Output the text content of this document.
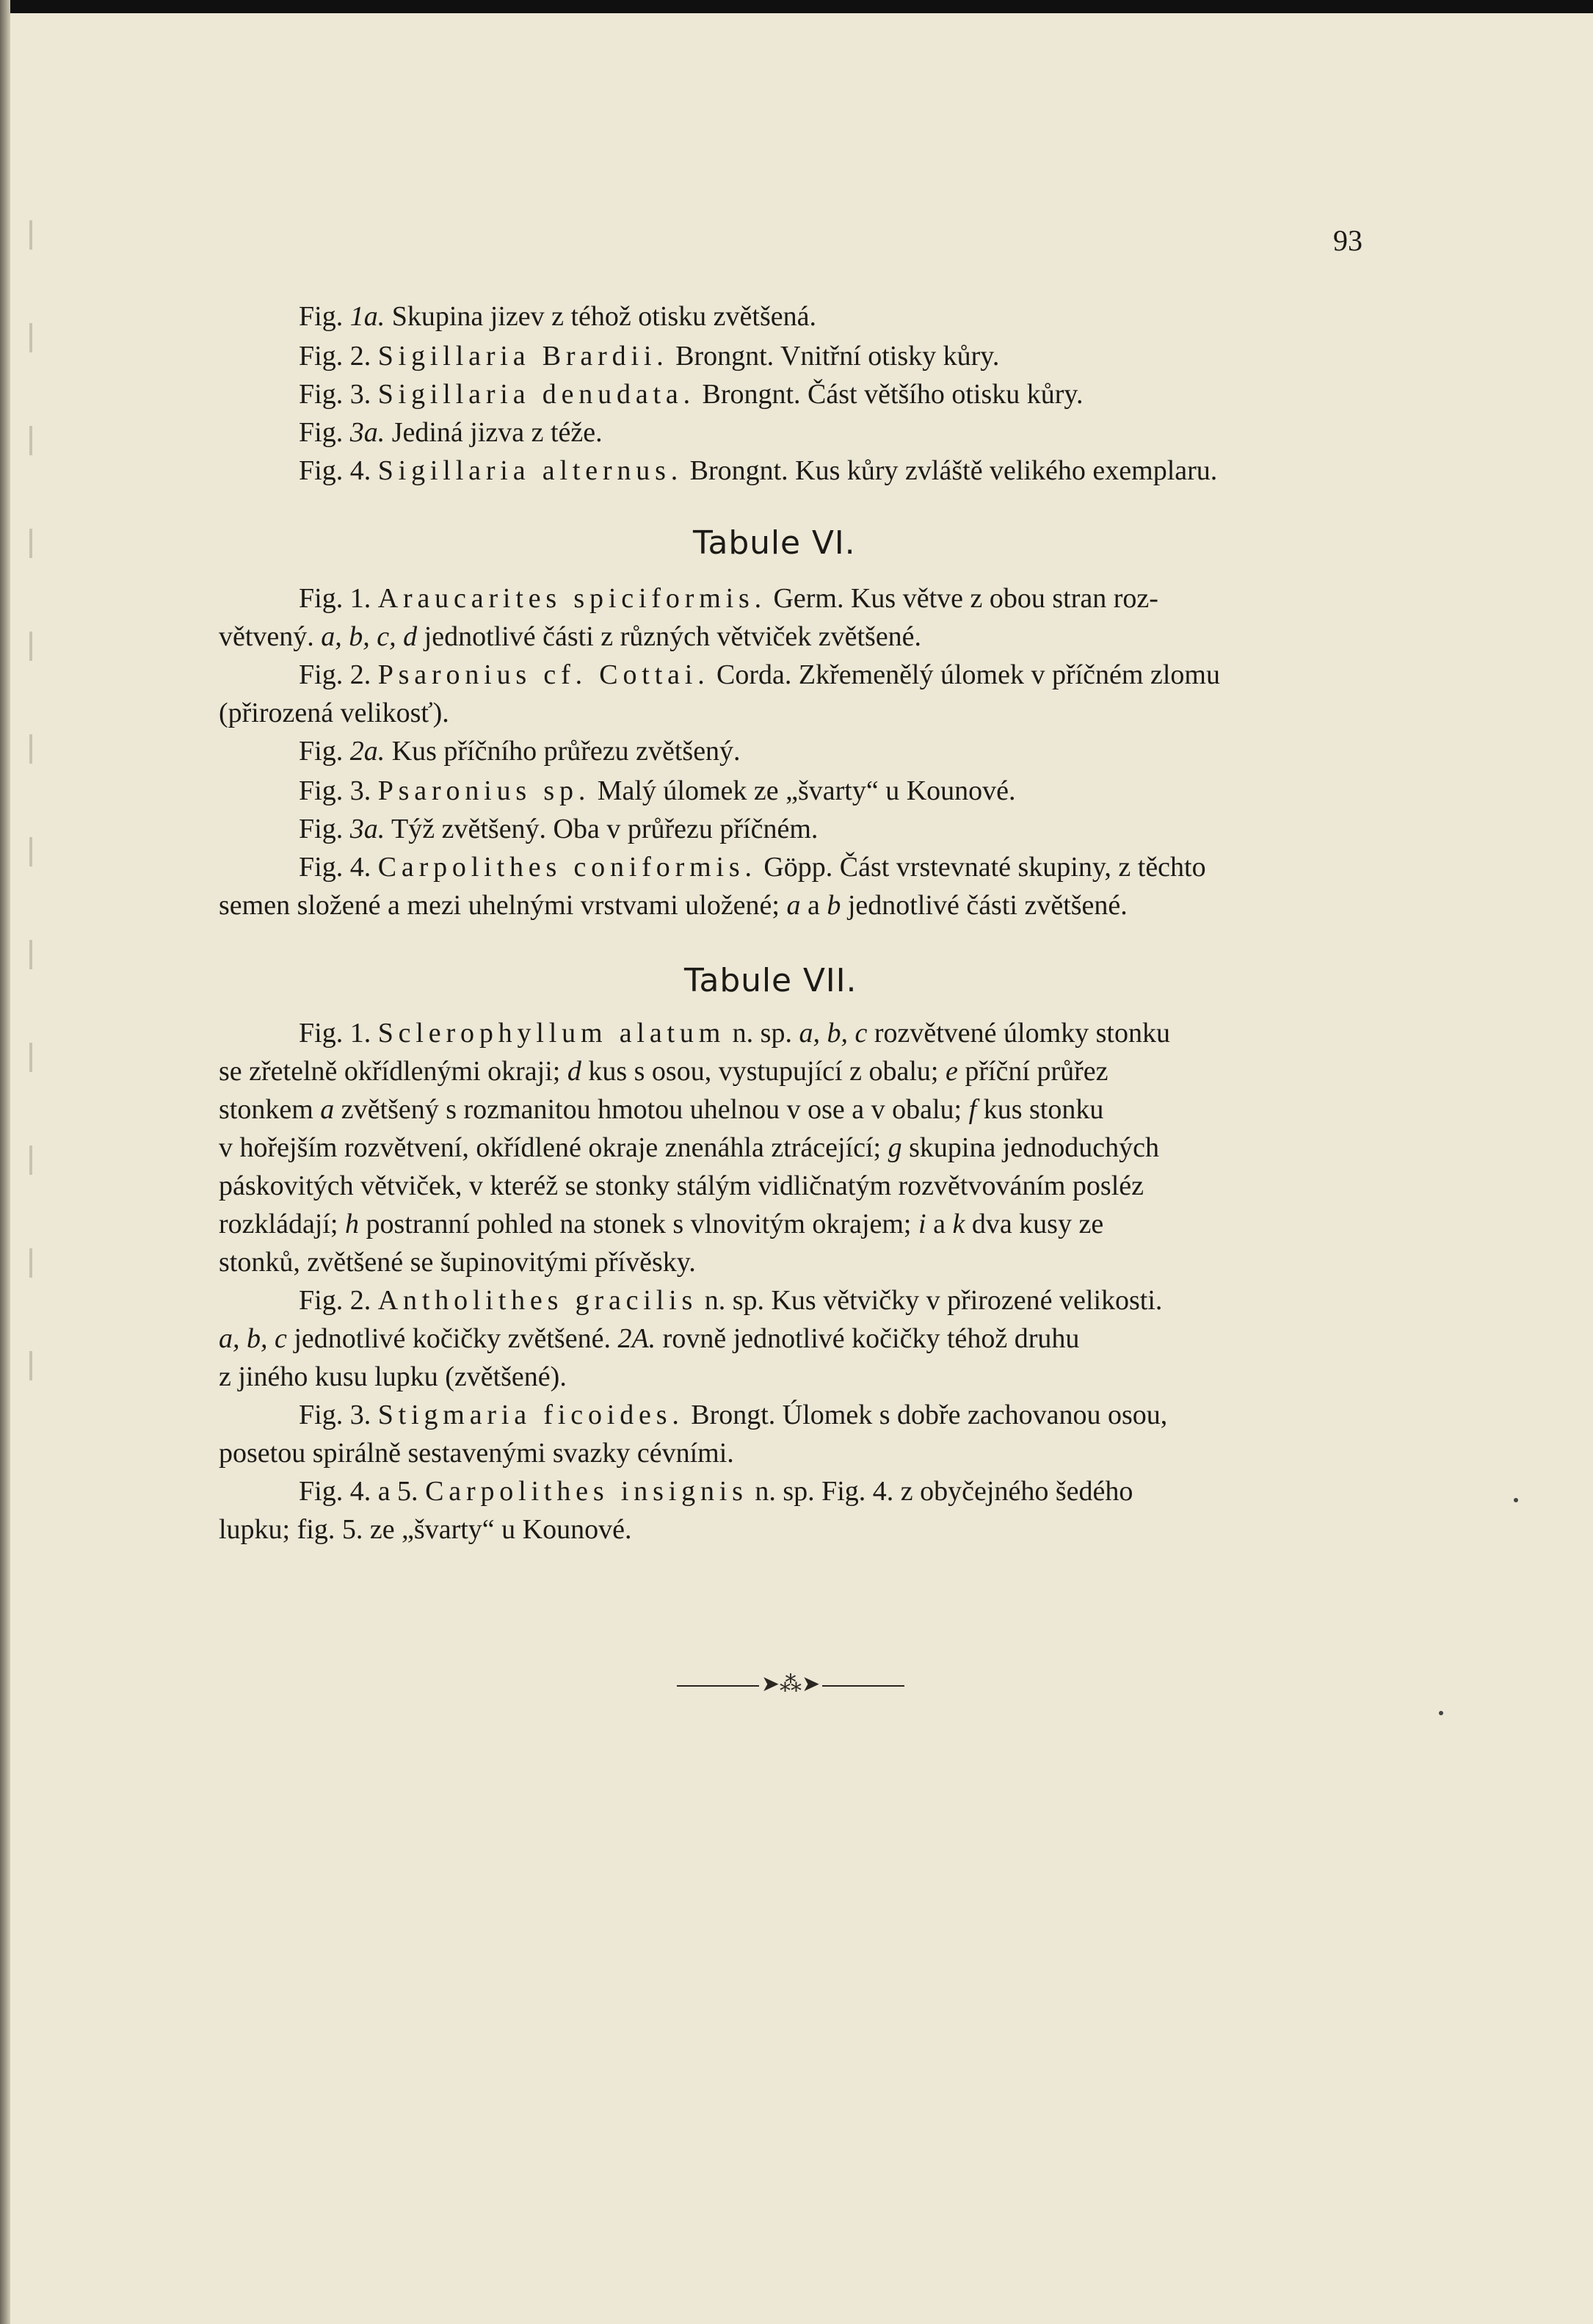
93
Fig. 1a. Skupina jizev z téhož otisku zvětšená.
Fig. 2. Sigillaria Brardii. Brongnt. Vnitřní otisky kůry.
Fig. 3. Sigillaria denudata. Brongnt. Část většího otisku kůry.
Fig. 3a. Jediná jizva z téže.
Fig. 4. Sigillaria alternus. Brongnt. Kus kůry zvláště velikého exemplaru.
Tabule VI.
Fig. 1. Araucarites spiciformis. Germ. Kus větve z obou stran roz-
větvený. a, b, c, d jednotlivé části z různých větviček zvětšené.
Fig. 2. Psaronius cf. Cottai. Corda. Zkřemenělý úlomek v příčném zlomu
(přirozená velikosť).
Fig. 2a. Kus příčního průřezu zvětšený.
Fig. 3. Psaronius sp. Malý úlomek ze „švarty“ u Kounové.
Fig. 3a. Týž zvětšený. Oba v průřezu příčném.
Fig. 4. Carpolithes coniformis. Göpp. Část vrstevnaté skupiny, z těchto
semen složené a mezi uhelnými vrstvami uložené; a a b jednotlivé části zvětšené.
Tabule VII.
Fig. 1. Sclerophyllum alatum n. sp. a, b, c rozvětvené úlomky stonku
se zřetelně okřídlenými okraji; d kus s osou, vystupující z obalu; e příční průřez
stonkem a zvětšený s rozmanitou hmotou uhelnou v ose a v obalu; f kus stonku
v hořejším rozvětvení, okřídlené okraje znenáhla ztrácející; g skupina jednoduchých
páskovitých větviček, v kteréž se stonky stálým vidličnatým rozvětvováním posléz
rozkládají; h postranní pohled na stonek s vlnovitým okrajem; i a k dva kusy ze
stonků, zvětšené se šupinovitými přívěsky.
Fig. 2. Antholithes gracilis n. sp. Kus větvičky v přirozené velikosti.
a, b, c jednotlivé kočičky zvětšené. 2A. rovně jednotlivé kočičky téhož druhu
z jiného kusu lupku (zvětšené).
Fig. 3. Stigmaria ficoides. Brongt. Úlomek s dobře zachovanou osou,
posetou spirálně sestavenými svazky cévními.
Fig. 4. a 5. Carpolithes insignis n. sp. Fig. 4. z obyčejného šedého
lupku; fig. 5. ze „švarty“ u Kounové.
➤⁂➤
